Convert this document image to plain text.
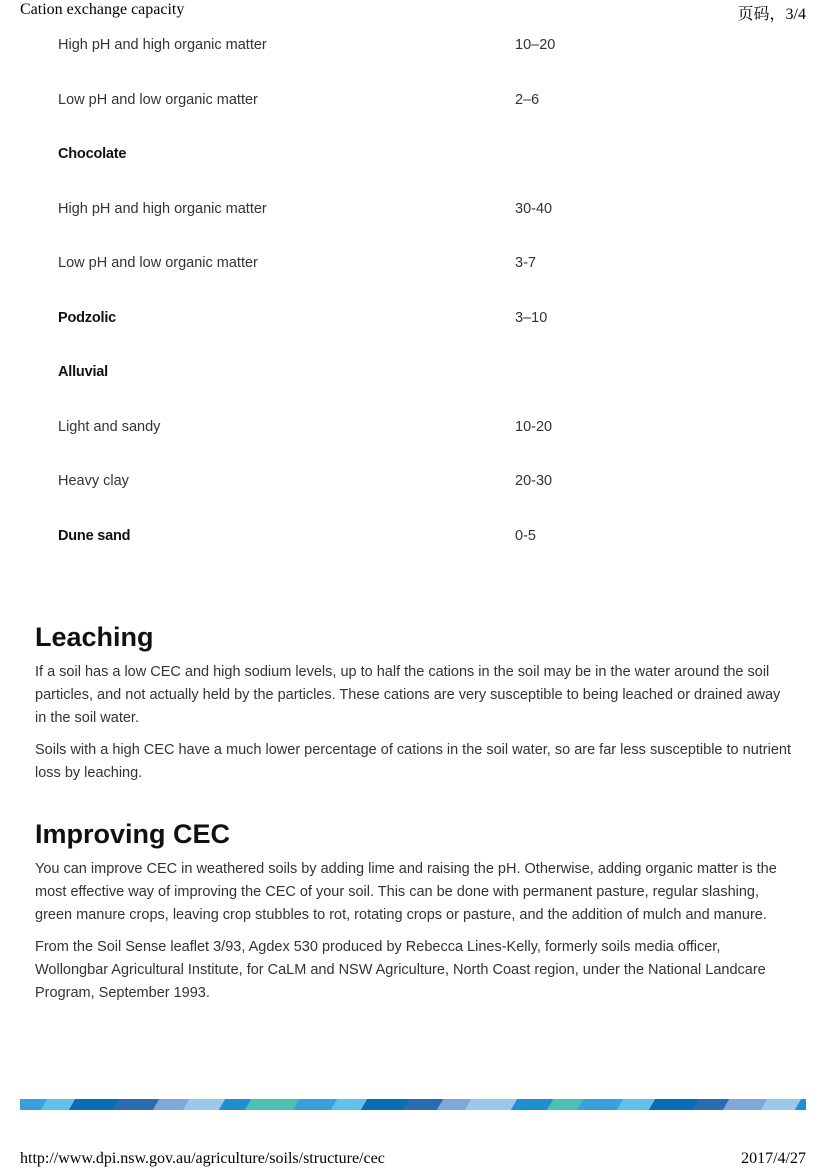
Cation exchange capacity	页码，3/4
High pH and high organic matter	10–20
Low pH and low organic matter	2–6
Chocolate
High pH and high organic matter	30-40
Low pH and low organic matter	3-7
Podzolic	3–10
Alluvial
Light and sandy	10-20
Heavy clay	20-30
Dune sand	0-5
Leaching

If a soil has a low CEC and high sodium levels, up to half the cations in the soil may be in the water around the soil particles, and not actually held by the particles. These cations are very susceptible to being leached or drained away in the soil water.

Soils with a high CEC have a much lower percentage of cations in the soil water, so are far less susceptible to nutrient loss by leaching.

Improving CEC

You can improve CEC in weathered soils by adding lime and raising the pH. Otherwise, adding organic matter is the most effective way of improving the CEC of your soil. This can be done with permanent pasture, regular slashing, green manure crops, leaving crop stubbles to rot, rotating crops or pasture, and the addition of mulch and manure.

From the Soil Sense leaflet 3/93, Agdex 530 produced by Rebecca Lines-Kelly, formerly soils media officer, Wollongbar Agricultural Institute, for CaLM and NSW Agriculture, North Coast region, under the National Landcare Program, September 1993.

http://www.dpi.nsw.gov.au/agriculture/soils/structure/cec	2017/4/27
